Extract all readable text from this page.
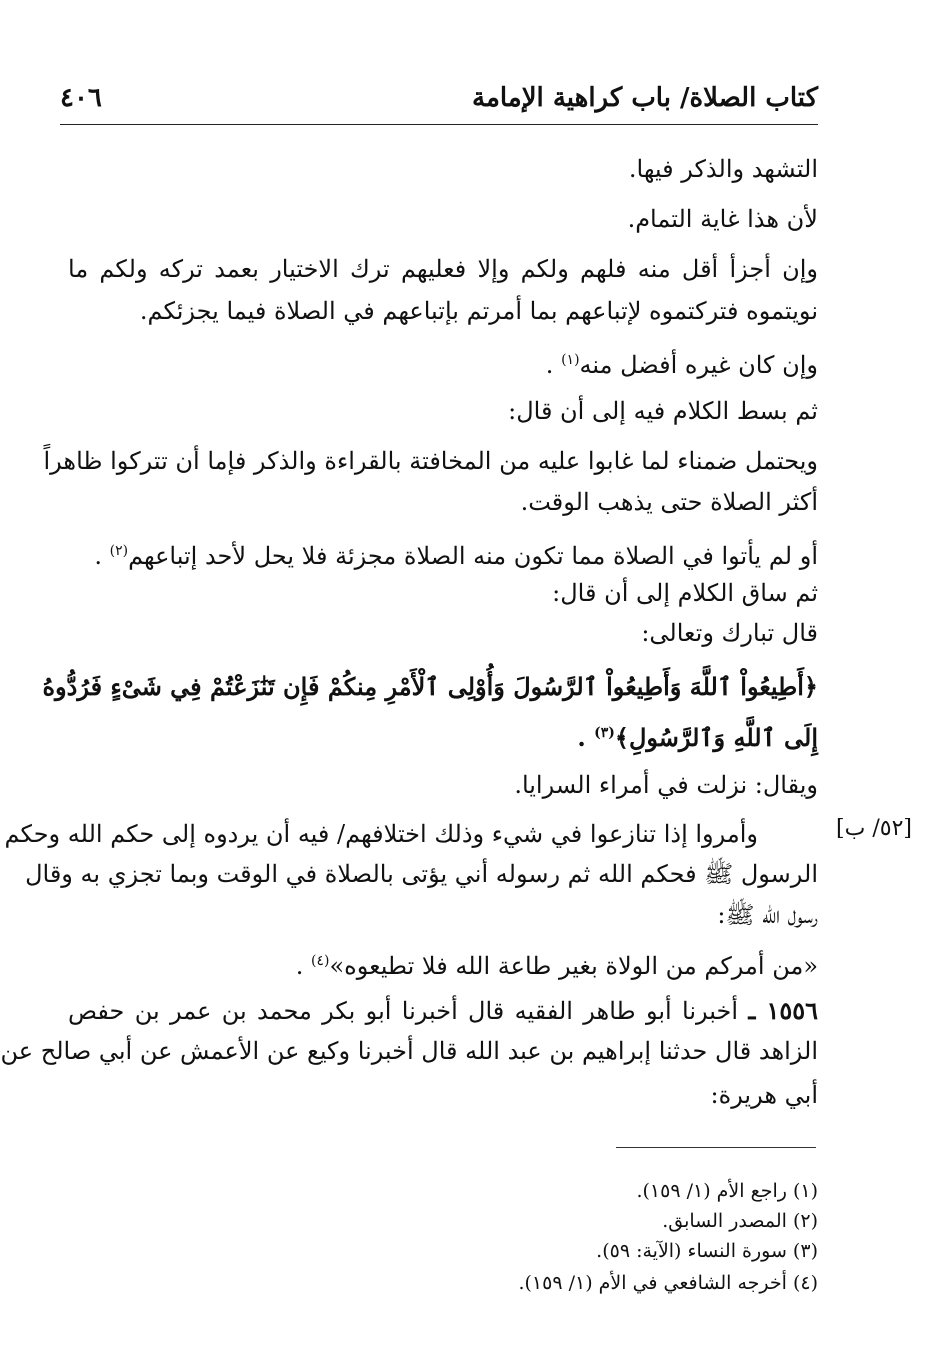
كتاب الصلاة/ باب كراهية الإمامة
٤٠٦
التشهد والذكر فيها.
لأن هذا غاية التمام.
وإن أجزأ أقل منه فلهم ولكم وإلا فعليهم ترك الاختيار بعمد تركه ولكم ما
نويتموه فتركتموه لإتباعهم بما أمرتم بإتباعهم في الصلاة فيما يجزئكم.
وإن كان غيره أفضل منه$^{(١)}$ .
ثم بسط الكلام فيه إلى أن قال:
ويحتمل ضمناء لما غابوا عليه من المخافتة بالقراءة والذكر فإما أن تتركوا ظاهراً
أكثر الصلاة حتى يذهب الوقت.
أو لم يأتوا في الصلاة مما تكون منه الصلاة مجزئة فلا يحل لأحد إتباعهم$^{(٢)}$ .
ثم ساق الكلام إلى أن قال:
قال تبارك وتعالى:
﴿أَطِيعُواْ ٱللَّهَ وَأَطِيعُواْ ٱلرَّسُولَ وَأُوْلِى ٱلْأَمْرِ مِنكُمْ فَإِن تَنَٰزَعْتُمْ فِي شَىْءٍ فَرُدُّوهُ
إِلَى ٱللَّهِ وَٱلرَّسُولِ﴾$^{(٣)}$ .
ويقال: نزلت في أمراء السرايا.
[٥٢/ ب]
وأمروا إذا تنازعوا في شيء وذلك اختلافهم/ فيه أن يردوه إلى حكم الله وحكم
الرسول ﷺ فحكم الله ثم رسوله أني يؤتى بالصلاة في الوقت وبما تجزي به وقال
رسول الله ﷺ:
«من أمركم من الولاة بغير طاعة الله فلا تطيعوه»$^{(٤)}$ .
١٥٥٦ ـ أخبرنا أبو طاهر الفقيه قال أخبرنا أبو بكر محمد بن عمر بن حفص
الزاهد قال حدثنا إبراهيم بن عبد الله قال أخبرنا وكيع عن الأعمش عن أبي صالح عن
أبي هريرة:
(١) راجع الأم (١/ ١٥٩).
(٢) المصدر السابق.
(٣) سورة النساء (الآية: ٥٩).
(٤) أخرجه الشافعي في الأم (١/ ١٥٩).
